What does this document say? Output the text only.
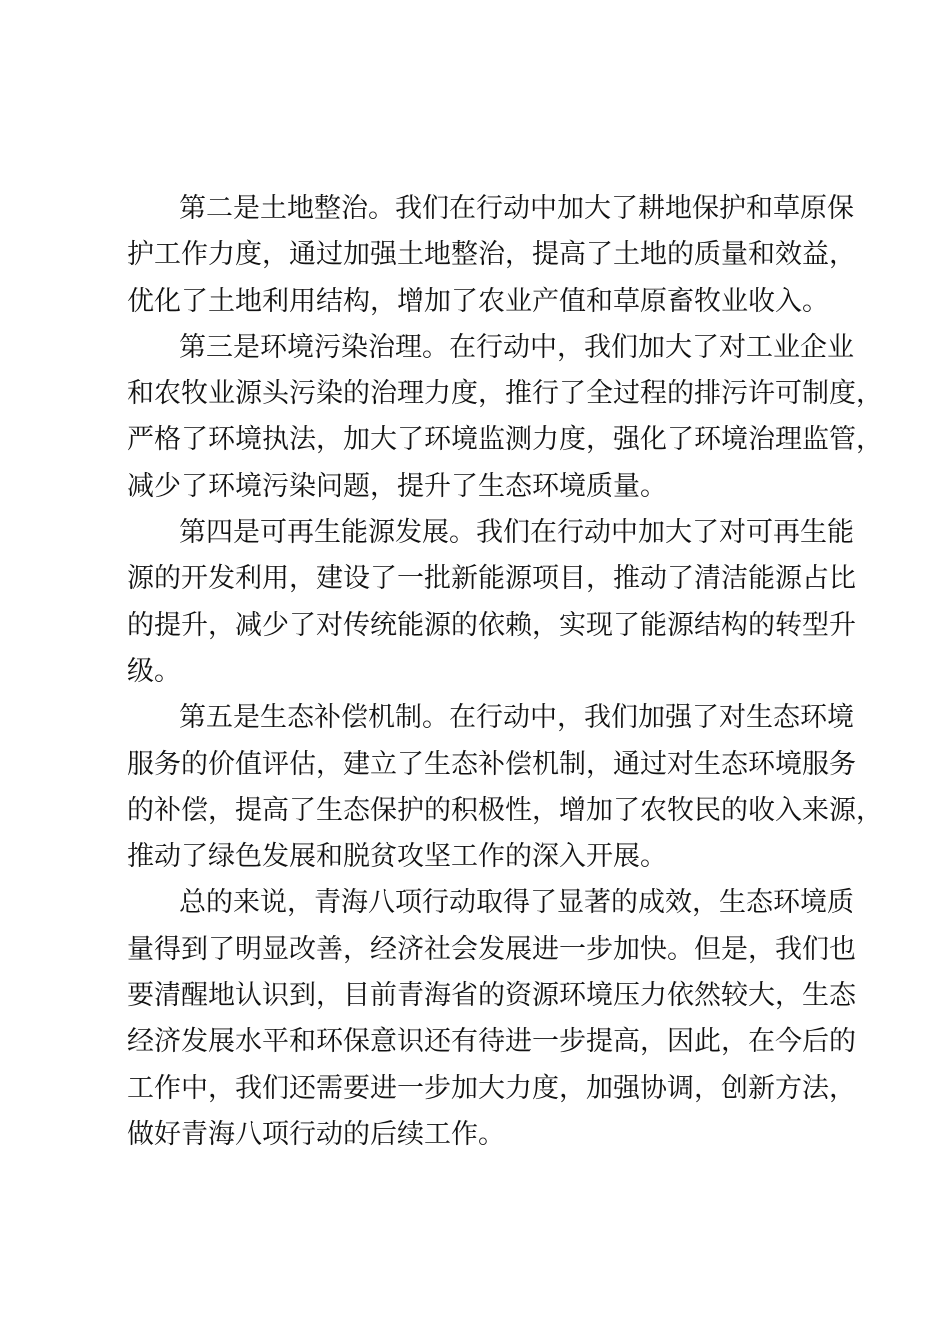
第二是土地整治。我们在行动中加大了耕地保护和草原保
护工作力度，通过加强土地整治，提高了土地的质量和效益，
优化了土地利用结构，增加了农业产值和草原畜牧业收入。
第三是环境污染治理。在行动中，我们加大了对工业企业
和农牧业源头污染的治理力度，推行了全过程的排污许可制度，
严格了环境执法，加大了环境监测力度，强化了环境治理监管，
减少了环境污染问题，提升了生态环境质量。
第四是可再生能源发展。我们在行动中加大了对可再生能
源的开发利用，建设了一批新能源项目，推动了清洁能源占比
的提升，减少了对传统能源的依赖，实现了能源结构的转型升
级。
第五是生态补偿机制。在行动中，我们加强了对生态环境
服务的价值评估，建立了生态补偿机制，通过对生态环境服务
的补偿，提高了生态保护的积极性，增加了农牧民的收入来源，
推动了绿色发展和脱贫攻坚工作的深入开展。
总的来说，青海八项行动取得了显著的成效，生态环境质
量得到了明显改善，经济社会发展进一步加快。但是，我们也
要清醒地认识到，目前青海省的资源环境压力依然较大，生态
经济发展水平和环保意识还有待进一步提高，因此，在今后的
工作中，我们还需要进一步加大力度，加强协调，创新方法，
做好青海八项行动的后续工作。
